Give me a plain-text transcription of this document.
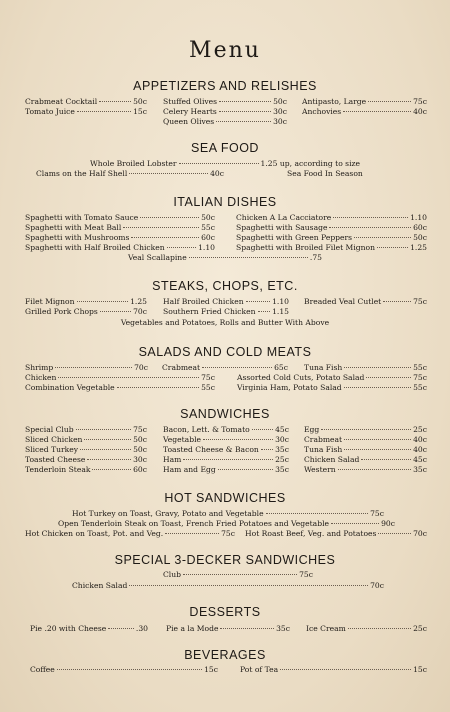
Menu
APPETIZERS AND RELISHES
Crabmeat Cocktail	50c Stuffed Olives	50c Antipasto, Large	75c
Tomato Juice	15c Celery Hearts	30c Anchovies	40c
Queen Olives	30c
SEA FOOD
Whole Broiled Lobster	1.25 up, according to size
Clams on the Half Shell	40c	Sea Food In Season
ITALIAN DISHES
Spaghetti with Tomato Sauce	50c	Chicken A La Cacciatore	1.10
Spaghetti with Meat Ball	55c	Spaghetti with Sausage	60c
Spaghetti with Mushrooms	60c	Spaghetti with Green Peppers	50c
Spaghetti with Half Broiled Chicken	1.10	Spaghetti with Broiled Filet Mignon	1.25
Veal Scallapine	.75
STEAKS, CHOPS, ETC.
Filet Mignon	1.25 Half Broiled Chicken	1.10 Breaded Veal Cutlet	75c
Grilled Pork Chops	70c Southern Fried Chicken 1.15
Vegetables and Potatoes, Rolls and Butter With Above
SALADS AND COLD MEATS
Shrimp	70c Crabmeat	65c Tuna Fish	55c
Chicken	75c	Assorted Cold Cuts, Potato Salad	75c
Combination Vegetable	55c	Virginia Ham, Potato Salad	55c
SANDWICHES
Special Club	75c Bacon, Lett. & Tomato	45c Egg	25c
Sliced Chicken	50c Vegetable	30c Crabmeat	40c
Sliced Turkey	50c Toasted Cheese & Bacon 35c Tuna Fish	40c
Toasted Cheese	30c Ham	25c Chicken Salad	45c
Tenderloin Steak	60c Ham and Egg	35c Western	35c
HOT SANDWICHES
Hot Turkey on Toast, Gravy, Potato and Vegetable	75c
Open Tenderloin Steak on Toast, French Fried Potatoes and Vegetable	90c
Hot Chicken on Toast, Pot. and Veg.	75c Hot Roast Beef, Veg. and Potatoes	70c
SPECIAL 3-DECKER SANDWICHES
Club	75c
Chicken Salad	70c
DESSERTS
Pie .20 with Cheese	.30 Pie a la Mode	35c Ice Cream	25c
BEVERAGES
Coffee	15c	Pot of Tea	15c
